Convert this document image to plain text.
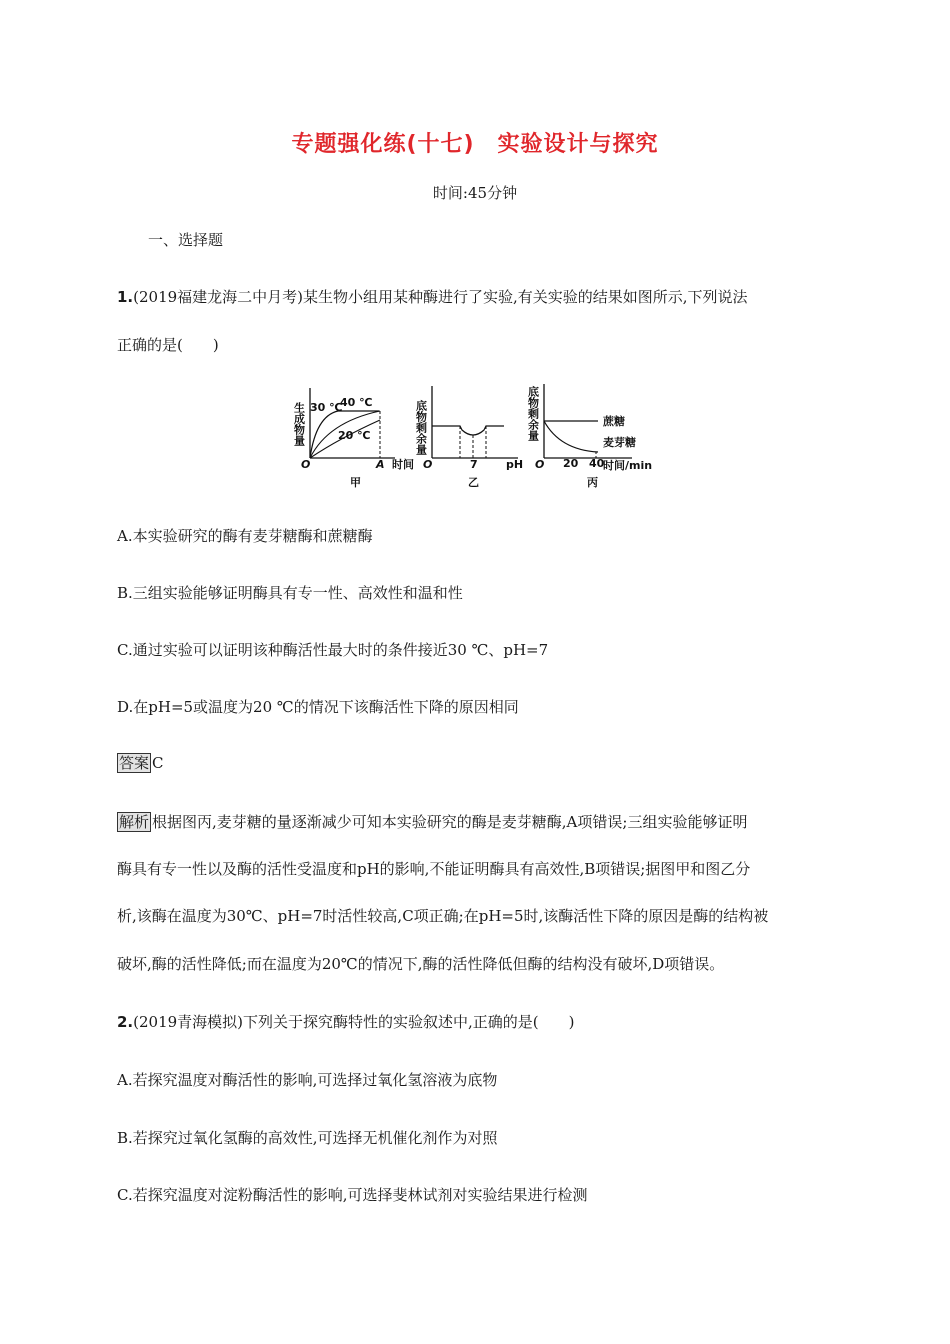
专题强化练(十七)　实验设计与探究
时间:45分钟
一、选择题
1.(2019福建龙海二中月考)某生物小组用某种酶进行了实验,有关实验的结果如图所示,下列说法
正确的是(　　)
生成物量 30 ℃
40 ℃
20 ℃
O	A 时间
甲
底物剩余量
O	7	pH
乙
底物剩余量	蔗糖
麦芽糖
O 20 40
时间/min
丙
A.本实验研究的酶有麦芽糖酶和蔗糖酶
B.三组实验能够证明酶具有专一性、高效性和温和性
C.通过实验可以证明该种酶活性最大时的条件接近30 ℃、pH=7
D.在pH=5或温度为20 ℃的情况下该酶活性下降的原因相同
答案 C
解析 根据图丙,麦芽糖的量逐渐减少可知本实验研究的酶是麦芽糖酶,A项错误;三组实验能够证明
酶具有专一性以及酶的活性受温度和pH的影响,不能证明酶具有高效性,B项错误;据图甲和图乙分
析,该酶在温度为30℃、pH=7时活性较高,C项正确;在pH=5时,该酶活性下降的原因是酶的结构被
破坏,酶的活性降低;而在温度为20℃的情况下,酶的活性降低但酶的结构没有破坏,D项错误。
2.(2019青海模拟)下列关于探究酶特性的实验叙述中,正确的是(　　)
A.若探究温度对酶活性的影响,可选择过氧化氢溶液为底物
B.若探究过氧化氢酶的高效性,可选择无机催化剂作为对照
C.若探究温度对淀粉酶活性的影响,可选择斐林试剂对实验结果进行检测
